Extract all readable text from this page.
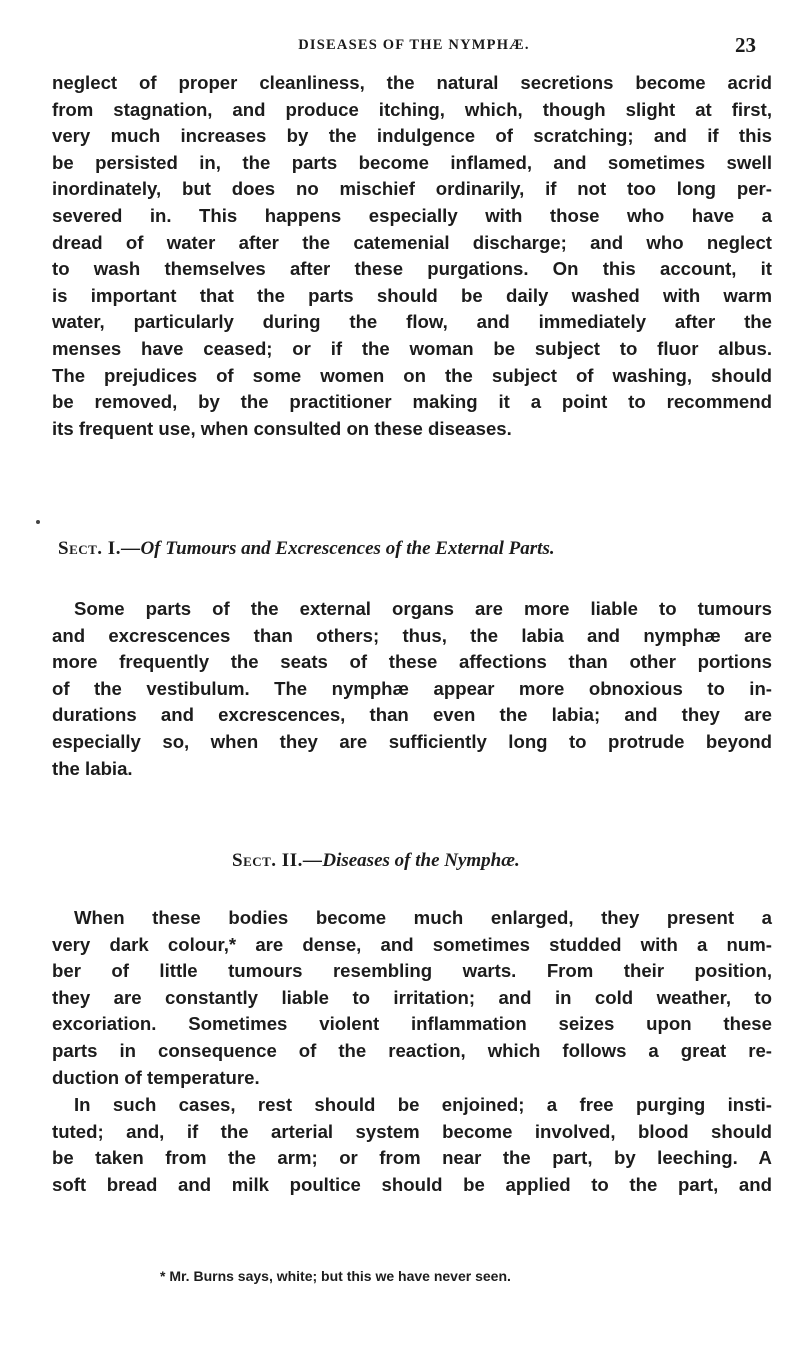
DISEASES OF THE NYMPHÆ.	23

neglect of proper cleanliness, the natural secretions become acrid
from stagnation, and produce itching, which, though slight at first,
very much increases by the indulgence of scratching; and if this
be persisted in, the parts become inflamed, and sometimes swell
inordinately, but does no mischief ordinarily, if not too long per-
severed in. This happens especially with those who have a
dread of water after the catemenial discharge; and who neglect
to wash themselves after these purgations. On this account, it
is important that the parts should be daily washed with warm
water, particularly during the flow, and immediately after the
menses have ceased; or if the woman be subject to fluor albus.
The prejudices of some women on the subject of washing, should
be removed, by the practitioner making it a point to recommend
its frequent use, when consulted on these diseases.

Sect. I.—Of Tumours and Excrescences of the External Parts.

Some parts of the external organs are more liable to tumours
and excrescences than others; thus, the labia and nymphæ are
more frequently the seats of these affections than other portions
of the vestibulum. The nymphæ appear more obnoxious to in-
durations and excrescences, than even the labia; and they are
especially so, when they are sufficiently long to protrude beyond
the labia.

Sect. II.—Diseases of the Nymphæ.

When these bodies become much enlarged, they present a
very dark colour,* are dense, and sometimes studded with a num-
ber of little tumours resembling warts. From their position,
they are constantly liable to irritation; and in cold weather, to
excoriation. Sometimes violent inflammation seizes upon these
parts in consequence of the reaction, which follows a great re-
duction of temperature.

In such cases, rest should be enjoined; a free purging insti-
tuted; and, if the arterial system become involved, blood should
be taken from the arm; or from near the part, by leeching. A
soft bread and milk poultice should be applied to the part, and

* Mr. Burns says, white; but this we have never seen.
